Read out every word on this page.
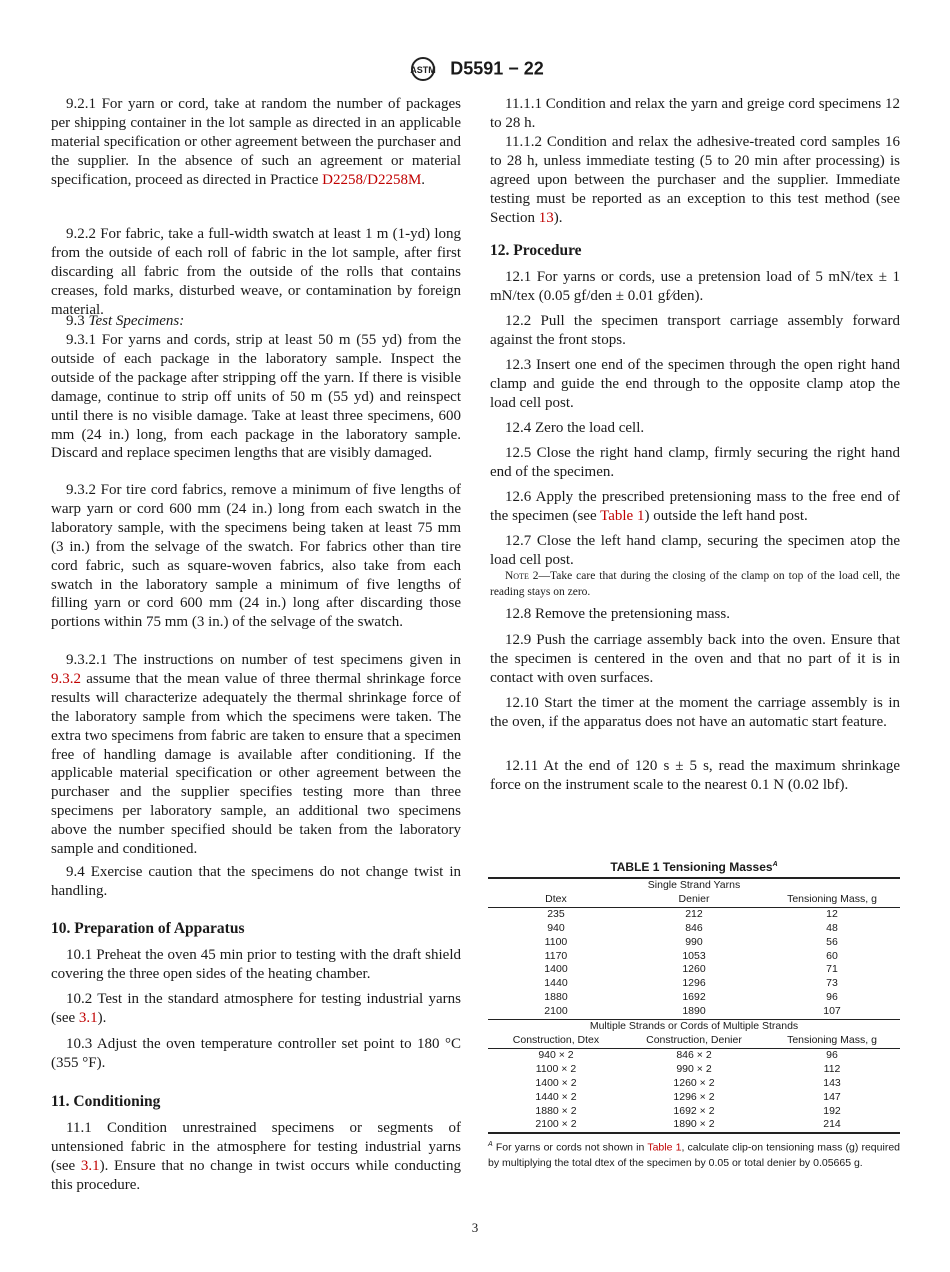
ASTM D5591 − 22

9.2.1 For yarn or cord, take at random the number of packages per shipping container in the lot sample as directed in an applicable material specification or other agreement between the purchaser and the supplier. In the absence of such an agreement or material specification, proceed as directed in Practice D2258/D2258M.

9.2.2 For fabric, take a full-width swatch at least 1 m (1-yd) long from the outside of each roll of fabric in the lot sample, after first discarding all fabric from the outside of the rolls that contains creases, fold marks, disturbed weave, or contamination by foreign material.

9.3 Test Specimens:

9.3.1 For yarns and cords, strip at least 50 m (55 yd) from the outside of each package in the laboratory sample. Inspect the outside of the package after stripping off the yarn. If there is visible damage, continue to strip off units of 50 m (55 yd) and reinspect until there is no visible damage. Take at least three specimens, 600 mm (24 in.) long, from each package in the laboratory sample. Discard and replace specimen lengths that are visibly damaged.

9.3.2 For tire cord fabrics, remove a minimum of five lengths of warp yarn or cord 600 mm (24 in.) long from each swatch in the laboratory sample, with the specimens being taken at least 75 mm (3 in.) from the selvage of the swatch. For fabrics other than tire cord fabric, such as square-woven fabrics, also take from each swatch in the laboratory sample a minimum of five lengths of filling yarn or cord 600 mm (24 in.) long after discarding those portions within 75 mm (3 in.) of the selvage of the swatch.

9.3.2.1 The instructions on number of test specimens given in 9.3.2 assume that the mean value of three thermal shrinkage force results will characterize adequately the thermal shrinkage force of the laboratory sample from which the specimens were taken. The extra two specimens from fabric are taken to ensure that a specimen free of handling damage is available after conditioning. If the applicable material specification or other agreement between the purchaser and the supplier specifies testing more than three specimens per laboratory sample, an additional two specimens above the number specified should be taken from the laboratory sample and conditioned.

9.4 Exercise caution that the specimens do not change twist in handling.

10. Preparation of Apparatus

10.1 Preheat the oven 45 min prior to testing with the draft shield covering the three open sides of the heating chamber.

10.2 Test in the standard atmosphere for testing industrial yarns (see 3.1).

10.3 Adjust the oven temperature controller set point to 180 °C (355 °F).

11. Conditioning

11.1 Condition unrestrained specimens or segments of untensioned fabric in the atmosphere for testing industrial yarns (see 3.1). Ensure that no change in twist occurs while conducting this procedure.

11.1.1 Condition and relax the yarn and greige cord specimens 12 to 28 h.

11.1.2 Condition and relax the adhesive-treated cord samples 16 to 28 h, unless immediate testing (5 to 20 min after processing) is agreed upon between the purchaser and the supplier. Immediate testing must be reported as an exception to this test method (see Section 13).

12. Procedure

12.1 For yarns or cords, use a pretension load of 5 mN/tex ± 1 mN/tex (0.05 gf/den ± 0.01 gf⁄den).

12.2 Pull the specimen transport carriage assembly forward against the front stops.

12.3 Insert one end of the specimen through the open right hand clamp and guide the end through to the opposite clamp atop the load cell post.

12.4 Zero the load cell.

12.5 Close the right hand clamp, firmly securing the right hand end of the specimen.

12.6 Apply the prescribed pretensioning mass to the free end of the specimen (see Table 1) outside the left hand post.

12.7 Close the left hand clamp, securing the specimen atop the load cell post.

Note 2—Take care that during the closing of the clamp on top of the load cell, the reading stays on zero.

12.8 Remove the pretensioning mass.

12.9 Push the carriage assembly back into the oven. Ensure that the specimen is centered in the oven and that no part of it is in contact with oven surfaces.

12.10 Start the timer at the moment the carriage assembly is in the oven, if the apparatus does not have an automatic start feature.

12.11 At the end of 120 s ± 5 s, read the maximum shrinkage force on the instrument scale to the nearest 0.1 N (0.02 lbf).

TABLE 1 Tensioning Masses$^A$
Single Strand Yarns		
Dtex	Denier	Tensioning Mass, g
235	212	12
940	846	48
1100	990	56
1170	1053	60
1400	1260	71
1440	1296	73
1880	1692	96
2100	1890	107
Multiple Strands or Cords of Multiple Strands		
Construction, Dtex	Construction, Denier	Tensioning Mass, g
940 × 2	846 × 2	96
1100 × 2	990 × 2	112
1400 × 2	1260 × 2	143
1440 × 2	1296 × 2	147
1880 × 2	1692 × 2	192
2100 × 2	1890 × 2	214
$^A$ For yarns or cords not shown in Table 1, calculate clip-on tensioning mass (g) required by multiplying the total dtex of the specimen by 0.05 or total denier by 0.05665 g.
3
